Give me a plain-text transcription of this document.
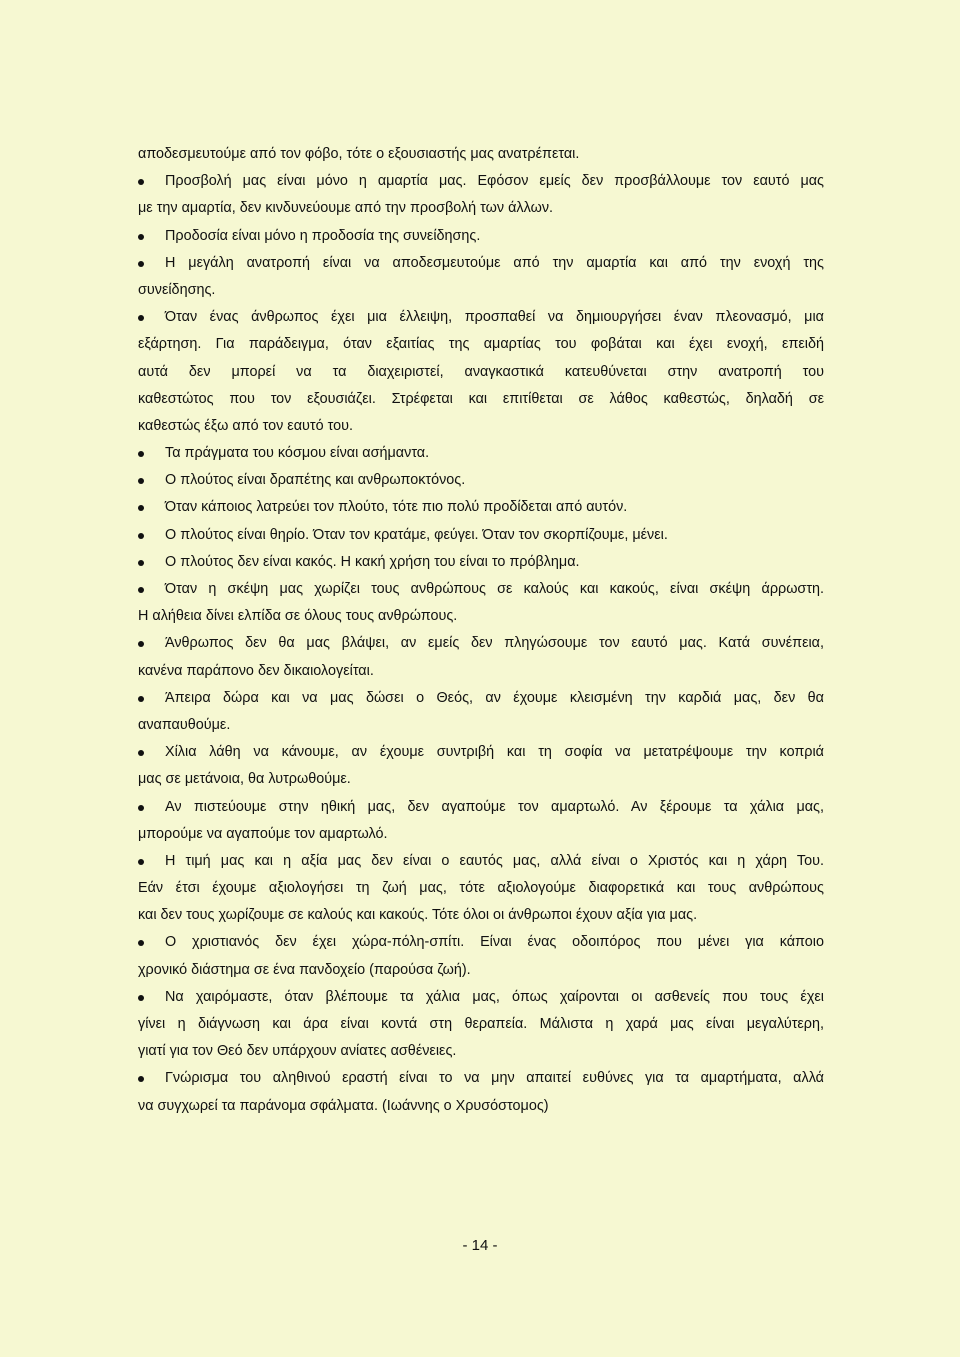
αποδεσμευτούμε από τον φόβο, τότε ο εξουσιαστής μας ανατρέπεται.
Προσβολή μας είναι μόνο η αμαρτία μας. Εφόσον εμείς δεν προσβάλλουμε τον εαυτό μας
με την αμαρτία, δεν κινδυνεύουμε από την προσβολή των άλλων.
Προδοσία είναι μόνο η προδοσία της συνείδησης.
Η μεγάλη ανατροπή είναι να αποδεσμευτούμε από την αμαρτία και από την ενοχή της
συνείδησης.
Όταν ένας άνθρωπος έχει μια έλλειψη, προσπαθεί να δημιουργήσει έναν πλεονασμό, μια
εξάρτηση. Για παράδειγμα, όταν εξαιτίας της αμαρτίας του φοβάται και έχει ενοχή, επειδή
αυτά δεν μπορεί να τα διαχειριστεί, αναγκαστικά κατευθύνεται στην ανατροπή του
καθεστώτος που τον εξουσιάζει. Στρέφεται και επιτίθεται σε λάθος καθεστώς, δηλαδή σε
καθεστώς έξω από τον εαυτό του.
Τα πράγματα του κόσμου είναι ασήμαντα.
Ο πλούτος είναι δραπέτης και ανθρωποκτόνος.
Όταν κάποιος λατρεύει τον πλούτο, τότε πιο πολύ προδίδεται από αυτόν.
Ο πλούτος είναι θηρίο. Όταν τον κρατάμε, φεύγει. Όταν τον σκορπίζουμε, μένει.
Ο πλούτος δεν είναι κακός. Η κακή χρήση του είναι το πρόβλημα.
Όταν η σκέψη μας χωρίζει τους ανθρώπους σε καλούς και κακούς, είναι σκέψη άρρωστη.
Η αλήθεια δίνει ελπίδα σε όλους τους ανθρώπους.
Άνθρωπος δεν θα μας βλάψει, αν εμείς δεν πληγώσουμε τον εαυτό μας. Κατά συνέπεια,
κανένα παράπονο δεν δικαιολογείται.
Άπειρα δώρα και να μας δώσει ο Θεός, αν έχουμε κλεισμένη την καρδιά μας, δεν θα
αναπαυθούμε.
Χίλια λάθη να κάνουμε, αν έχουμε συντριβή και τη σοφία να μετατρέψουμε την κοπριά
μας σε μετάνοια, θα λυτρωθούμε.
Αν πιστεύουμε στην ηθική μας, δεν αγαπούμε τον αμαρτωλό. Αν ξέρουμε τα χάλια μας,
μπορούμε να αγαπούμε τον αμαρτωλό.
Η τιμή μας και η αξία μας δεν είναι ο εαυτός μας, αλλά είναι ο Χριστός και η χάρη Του.
Εάν έτσι έχουμε αξιολογήσει τη ζωή μας, τότε αξιολογούμε διαφορετικά και τους ανθρώπους
και δεν τους χωρίζουμε σε καλούς και κακούς. Τότε όλοι οι άνθρωποι έχουν αξία για μας.
Ο χριστιανός δεν έχει χώρα-πόλη-σπίτι. Είναι ένας οδοιπόρος που μένει για κάποιο
χρονικό διάστημα σε ένα πανδοχείο (παρούσα ζωή).
Να χαιρόμαστε, όταν βλέπουμε τα χάλια μας, όπως χαίρονται οι ασθενείς που τους έχει
γίνει η διάγνωση και άρα είναι κοντά στη θεραπεία. Μάλιστα η χαρά μας είναι μεγαλύτερη,
γιατί για τον Θεό δεν υπάρχουν ανίατες ασθένειες.
Γνώρισμα του αληθινού εραστή είναι το να μην απαιτεί ευθύνες για τα αμαρτήματα, αλλά
να συγχωρεί τα παράνομα σφάλματα. (Ιωάννης ο Χρυσόστομος)
- 14 -
